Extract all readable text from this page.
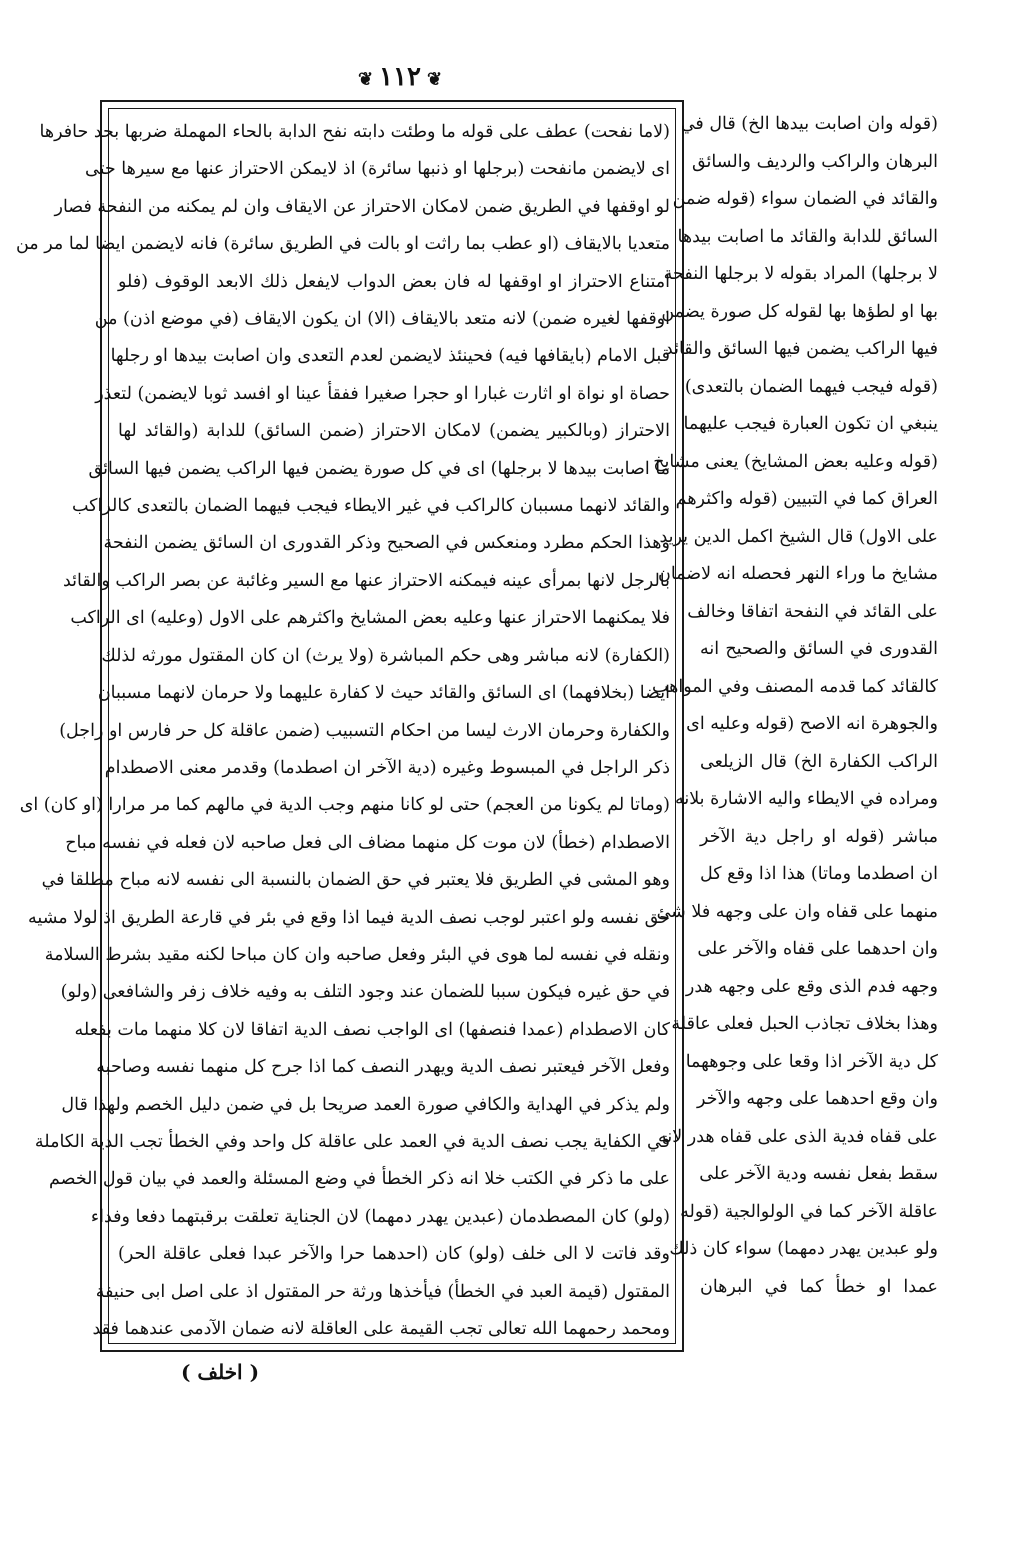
❦١١٢❦
(لاما نفحت) عطف على قوله ما وطئت دابته نفح الدابة بالحاء المهملة ضربها بحد حافرها
اى لايضمن مانفحت (برجلها او ذنبها سائرة) اذ لايمكن الاحتراز عنها مع سيرها حتى
لو اوقفها في الطريق ضمن لامكان الاحتراز عن الايقاف وان لم يمكنه من النفحة فصار
متعديا بالايقاف (او عطب بما راثت او بالت في الطريق سائرة) فانه لايضمن ايضا لما مر من
امتناع الاحتراز او اوقفها له فان بعض الدواب لايفعل ذلك الابعد الوقوف (فلو
اوقفها لغيره ضمن) لانه متعد بالايقاف (الا) ان يكون الايقاف (في موضع اذن) من
قبل الامام (بايقافها فيه) فحينئذ لايضمن لعدم التعدى وان اصابت بيدها او رجلها
حصاة او نواة او اثارت غبارا او حجرا صغيرا ففقأ عينا او افسد ثوبا لايضمن) لتعذر
الاحتراز (وبالكبير يضمن) لامكان الاحتراز (ضمن السائق) للدابة (والقائد لها
ما اصابت بيدها لا برجلها) اى في كل صورة يضمن فيها الراكب يضمن فيها السائق
والقائد لانهما مسببان كالراكب في غير الايطاء فيجب فيهما الضمان بالتعدى كالراكب
وهذا الحكم مطرد ومنعكس في الصحيح وذكر القدورى ان السائق يضمن النفحة
بالرجل لانها بمرأى عينه فيمكنه الاحتراز عنها مع السير وغائبة عن بصر الراكب والقائد
فلا يمكنهما الاحتراز عنها وعليه بعض المشايخ واكثرهم على الاول (وعليه) اى الراكب
(الكفارة) لانه مباشر وهى حكم المباشرة (ولا يرث) ان كان المقتول مورثه لذلك
ايضا (بخلافهما) اى السائق والقائد حيث لا كفارة عليهما ولا حرمان لانهما مسببان
والكفارة وحرمان الارث ليسا من احكام التسبيب (ضمن عاقلة كل حر فارس او راجل)
ذكر الراجل في المبسوط وغيره (دية الآخر ان اصطدما) وقدمر معنى الاصطدام
(وماتا لم يكونا من العجم) حتى لو كانا منهم وجب الدية في مالهم كما مر مرارا (او كان) اى
الاصطدام (خطأ) لان موت كل منهما مضاف الى فعل صاحبه لان فعله في نفسه مباح
وهو المشى في الطريق فلا يعتبر في حق الضمان بالنسبة الى نفسه لانه مباح مطلقا في
حق نفسه ولو اعتبر لوجب نصف الدية فيما اذا وقع في بئر في قارعة الطريق اذ لولا مشيه
ونقله في نفسه لما هوى في البئر وفعل صاحبه وان كان مباحا لكنه مقيد بشرط السلامة
في حق غيره فيكون سببا للضمان عند وجود التلف به وفيه خلاف زفر والشافعى (ولو)
كان الاصطدام (عمدا فنصفها) اى الواجب نصف الدية اتفاقا لان كلا منهما مات بفعله
وفعل الآخر فيعتبر نصف الدية ويهدر النصف كما اذا جرح كل منهما نفسه وصاحبه
ولم يذكر في الهداية والكافي صورة العمد صريحا بل في ضمن دليل الخصم ولهذا قال
في الكفاية يجب نصف الدية في العمد على عاقلة كل واحد وفي الخطأ تجب الدية الكاملة
على ما ذكر في الكتب خلا انه ذكر الخطأ في وضع المسئلة والعمد في بيان قول الخصم
(ولو) كان المصطدمان (عبدين يهدر دمهما) لان الجناية تعلقت برقبتهما دفعا وفداء
وقد فاتت لا الى خلف (ولو) كان (احدهما حرا والآخر عبدا فعلى عاقلة الحر)
المقتول (قيمة العبد في الخطأ) فيأخذها ورثة حر المقتول اذ على اصل ابى حنيفة
ومحمد رحمهما الله تعالى تجب القيمة على العاقلة لانه ضمان الآدمى عندهما فقد
(قوله وان اصابت بيدها الخ) قال في
البرهان والراكب والرديف والسائق
والقائد في الضمان سواء (قوله ضمن
السائق للدابة والقائد ما اصابت بيدها
لا برجلها) المراد بقوله لا برجلها النفحة
بها او لطؤها بها لقوله كل صورة يضمن
فيها الراكب يضمن فيها السائق والقائد
(قوله فيجب فيهما الضمان بالتعدى)
ينبغي ان تكون العبارة فيجب عليهما
(قوله وعليه بعض المشايخ) يعنى مشايخ
العراق كما في التبيين (قوله واكثرهم
على الاول) قال الشيخ اكمل الدين يريد
مشايخ ما وراء النهر فحصله انه لاضمان
على القائد في النفحة اتفاقا وخالف
القدورى في السائق والصحيح انه
كالقائد كما قدمه المصنف وفي المواهب
والجوهرة انه الاصح (قوله وعليه اى
الراكب الكفارة الخ) قال الزيلعى
ومراده في الايطاء واليه الاشارة بلانه
مباشر (قوله او راجل دية الآخر
ان اصطدما وماتا) هذا اذا وقع كل
منهما على قفاه وان على وجهه فلا شئ
وان احدهما على قفاه والآخر على
وجهه فدم الذى وقع على وجهه هدر
وهذا بخلاف تجاذب الحبل فعلى عاقلة
كل دية الآخر اذا وقعا على وجوههما
وان وقع احدهما على وجهه والآخر
على قفاه فدية الذى على قفاه هدر لانه
سقط بفعل نفسه ودية الآخر على
عاقلة الآخر كما في الولوالجية (قوله
ولو عبدين يهدر دمهما) سواء كان ذلك
عمدا او خطأ كما في البرهان
( اخلف )
